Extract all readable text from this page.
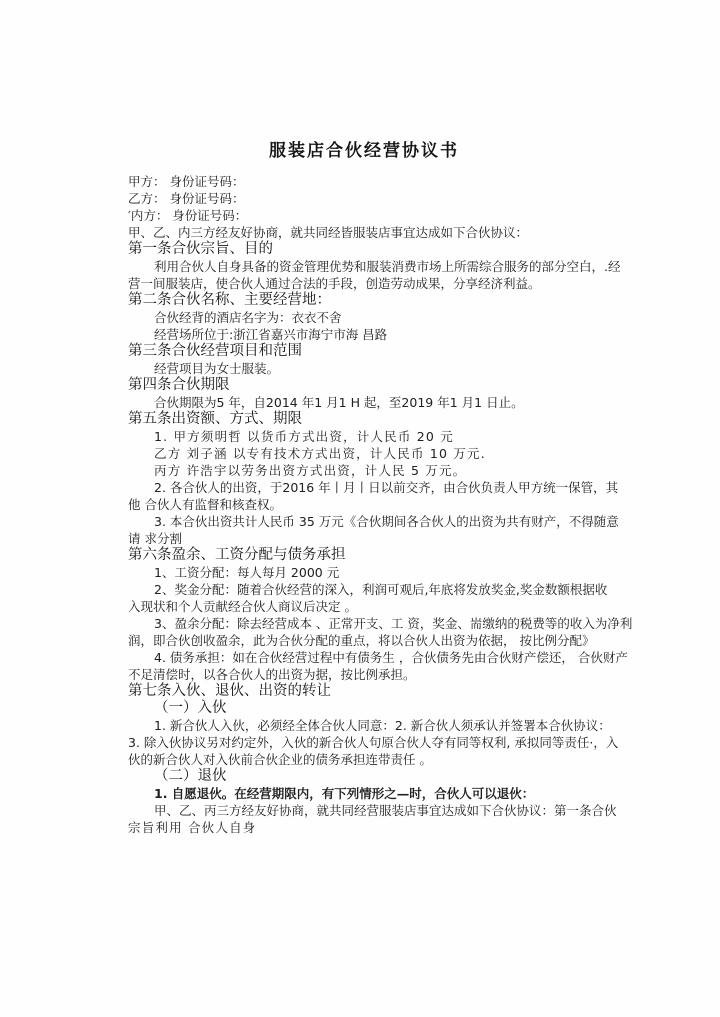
服装店合伙经营协议书
甲方： 身份证号码：
乙方： 身份证号码：
′内方： 身份证号码：
甲、乙、内三方经友好协商，就共同经皆服装店事宜达成如下合伙协议：
第一条合伙宗旨、目的
利用合伙人自身具备的资金管理优势和服装消费市场上所需综合服务的部分空白，.经
营一间服装店，使合伙人通过合法的手段，创造劳动成果，分享经济利益。
第二条合伙名称、主要经营地：
合伙经背的酒店名字为：衣衣不舍
经营场所位于:浙江省嘉兴市海宁市海 昌路
第三条合伙经营项目和范围
经营项目为女士服装。
第四条合伙期限
合伙期限为5 年，自2014 年1 月1 H 起，至2019 年1 月1 日止。
第五条出资额、方式、期限
1. 甲方须明哲 以货币方式出资，计人民币 20 元
乙方 刘子涵 以专有技术方式出资，计人民币 10 万元.
丙方 许浩宇以劳务出资方式出资，计人民 5 万元。
2. 各合伙人的出资，于2016 年丨月丨日以前交齐，由合伙负责人甲方统一保管，其
他 合伙人有监督和核查权。
3. 本合伙出资共计人民币 35 万元《合伙期间各合伙人的出资为共有财产，不得随意
请 求分割
第六条盈余、工资分配与债务承担
1、工资分配：每人每月 2000 元
2、奖金分配：随着合伙经营的深入，利润可观后,年底将发放奖金,奖金数额根据收
入现状和个人贡献经合伙人商议后决定 。
3、盈余分配：除去经营成本 、正常开支、工 资，奖金、耑缴纳的税费等的收入为净利
润，即合伙创收盈余，此为合伙分配的重点，将以合伙人出资为依据， 按比例分配》
4. 债务承担：如在合伙经营过程中有债务生 ，合伙债务先由合伙财产偿还， 合伙财产
不足清偿时，以各合伙人的出资为据，按比例承担。
第七条入伙、退伙、出资的转让
（一）入伙
1. 新合伙人入伙，必须经全体合伙人同意：2. 新合伙人须承认并签署本合伙协议：
3. 除入伙协议另对约定外，入伙的新合伙人句原合伙人夺有同等权利, 承拟同等责任·，入
伙的新合伙人对入伙前合伙企业的债务承担连带责任 。
（二）退伙
1. 自愿退伙。在经营期限内，有下列情形之—时，合伙人可以退伙：
甲、乙、丙三方经友好协商，就共同经营服装店事宜达成如下合伙协议：第一条合伙
宗旨利用 合伙人自身
